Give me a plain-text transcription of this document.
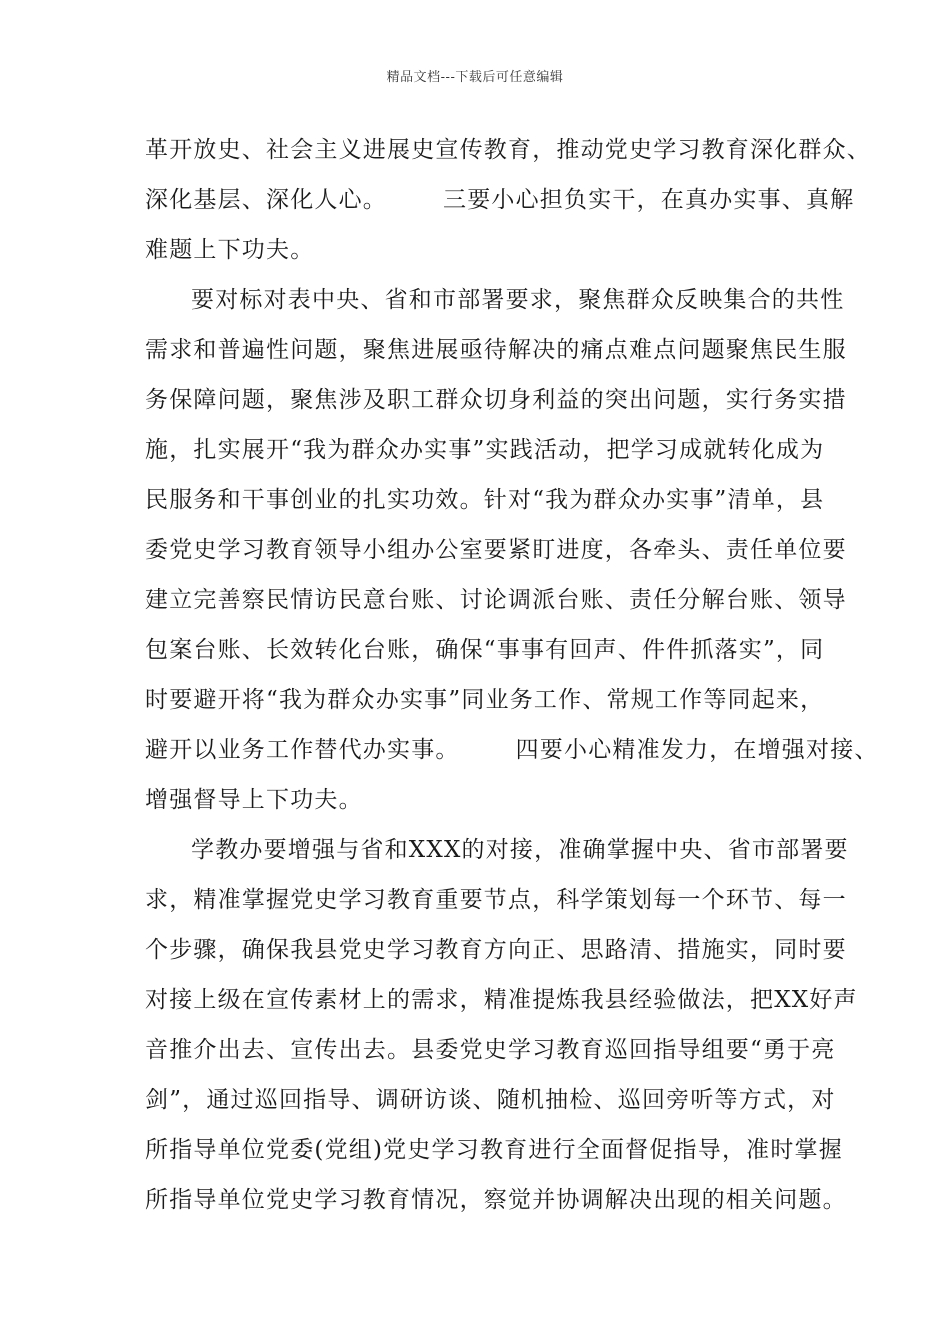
精品文档---下载后可任意编辑
革开放史、社会主义进展史宣传教育，推动党史学习教育深化群众、
深化基层、深化人心。 三要小心担负实干，在真办实事、真解
难题上下功夫。
要对标对表中央、省和市部署要求，聚焦群众反映集合的共性
需求和普遍性问题，聚焦进展亟待解决的痛点难点问题聚焦民生服
务保障问题，聚焦涉及职工群众切身利益的突出问题，实行务实措
施，扎实展开“我为群众办实事”实践活动，把学习成就转化成为
民服务和干事创业的扎实功效。针对“我为群众办实事”清单，县
委党史学习教育领导小组办公室要紧盯进度，各牵头、责任单位要
建立完善察民情访民意台账、讨论调派台账、责任分解台账、领导
包案台账、长效转化台账，确保“事事有回声、件件抓落实”，同
时要避开将“我为群众办实事”同业务工作、常规工作等同起来，
避开以业务工作替代办实事。 四要小心精准发力，在增强对接、
增强督导上下功夫。
学教办要增强与省和XXX的对接，准确掌握中央、省市部署要
求，精准掌握党史学习教育重要节点，科学策划每一个环节、每一
个步骤，确保我县党史学习教育方向正、思路清、措施实，同时要
对接上级在宣传素材上的需求，精准提炼我县经验做法，把XX好声
音推介出去、宣传出去。县委党史学习教育巡回指导组要“勇于亮
剑”，通过巡回指导、调研访谈、随机抽检、巡回旁听等方式，对
所指导单位党委(党组)党史学习教育进行全面督促指导，准时掌握
所指导单位党史学习教育情况，察觉并协调解决出现的相关问题。
